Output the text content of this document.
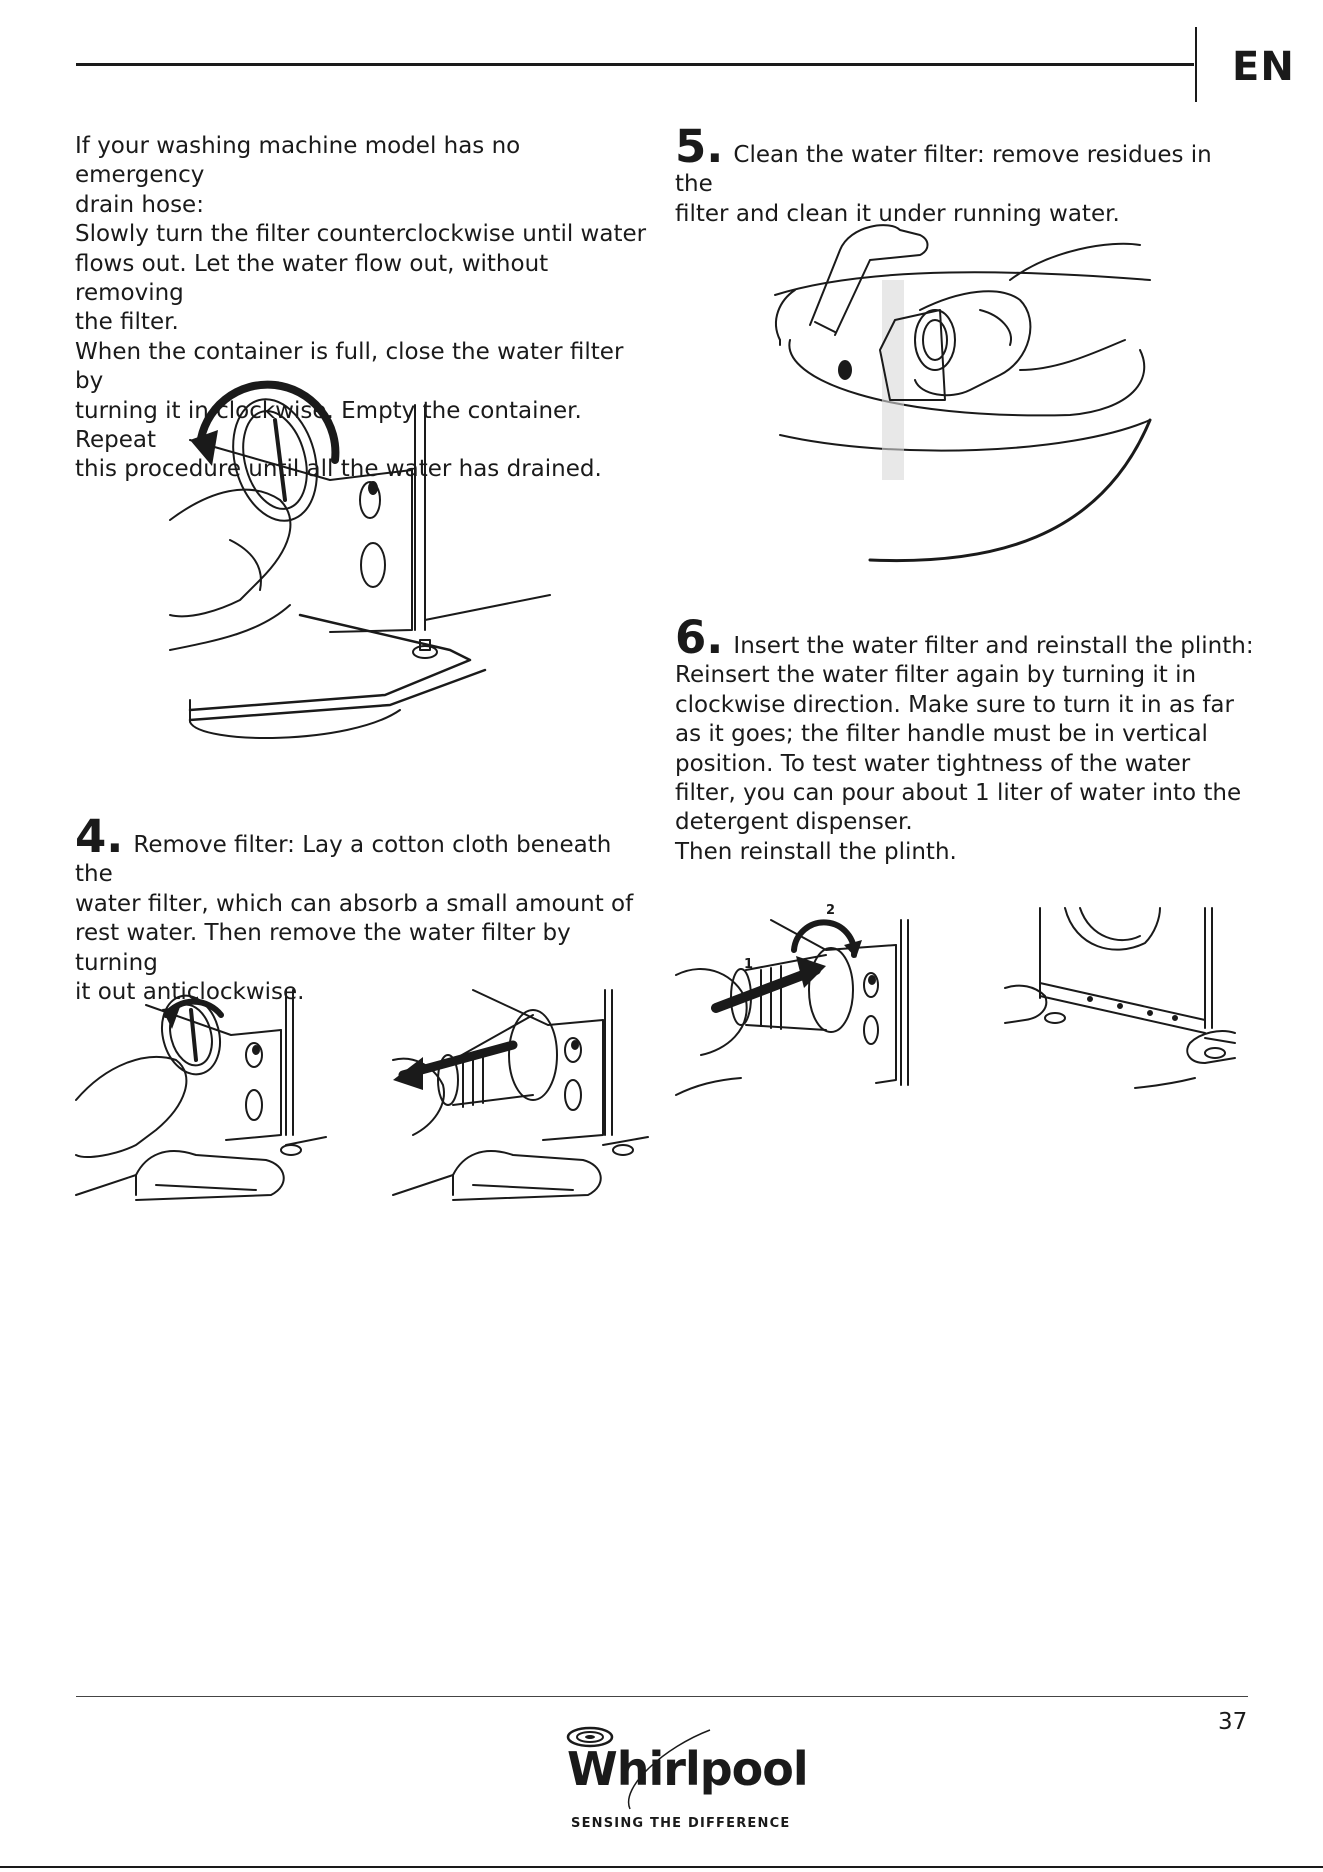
EN
If your washing machine model has no emergency
drain hose:
Slowly turn the filter counterclockwise until water
flows out. Let the water flow out, without removing
the filter.
When the container is full, close the water filter by
turning it in clockwise. Empty the container. Repeat
this procedure until all the water has drained.
4. Remove filter: Lay a cotton cloth beneath the
water filter, which can absorb a small amount of
rest water. Then remove the water filter by turning
it out anticlockwise.
5. Clean the water filter: remove residues in the
filter and clean it under running water.
6. Insert the water filter and reinstall the plinth:
Reinsert the water filter again by turning it in
clockwise direction. Make sure to turn it in as far
as it goes; the filter handle must be in vertical
position. To test water tightness of the water
filter, you can pour about 1 liter of water into the
detergent dispenser.
Then reinstall the plinth.
1
2
37
Whirlpool
SENSING THE DIFFERENCE
